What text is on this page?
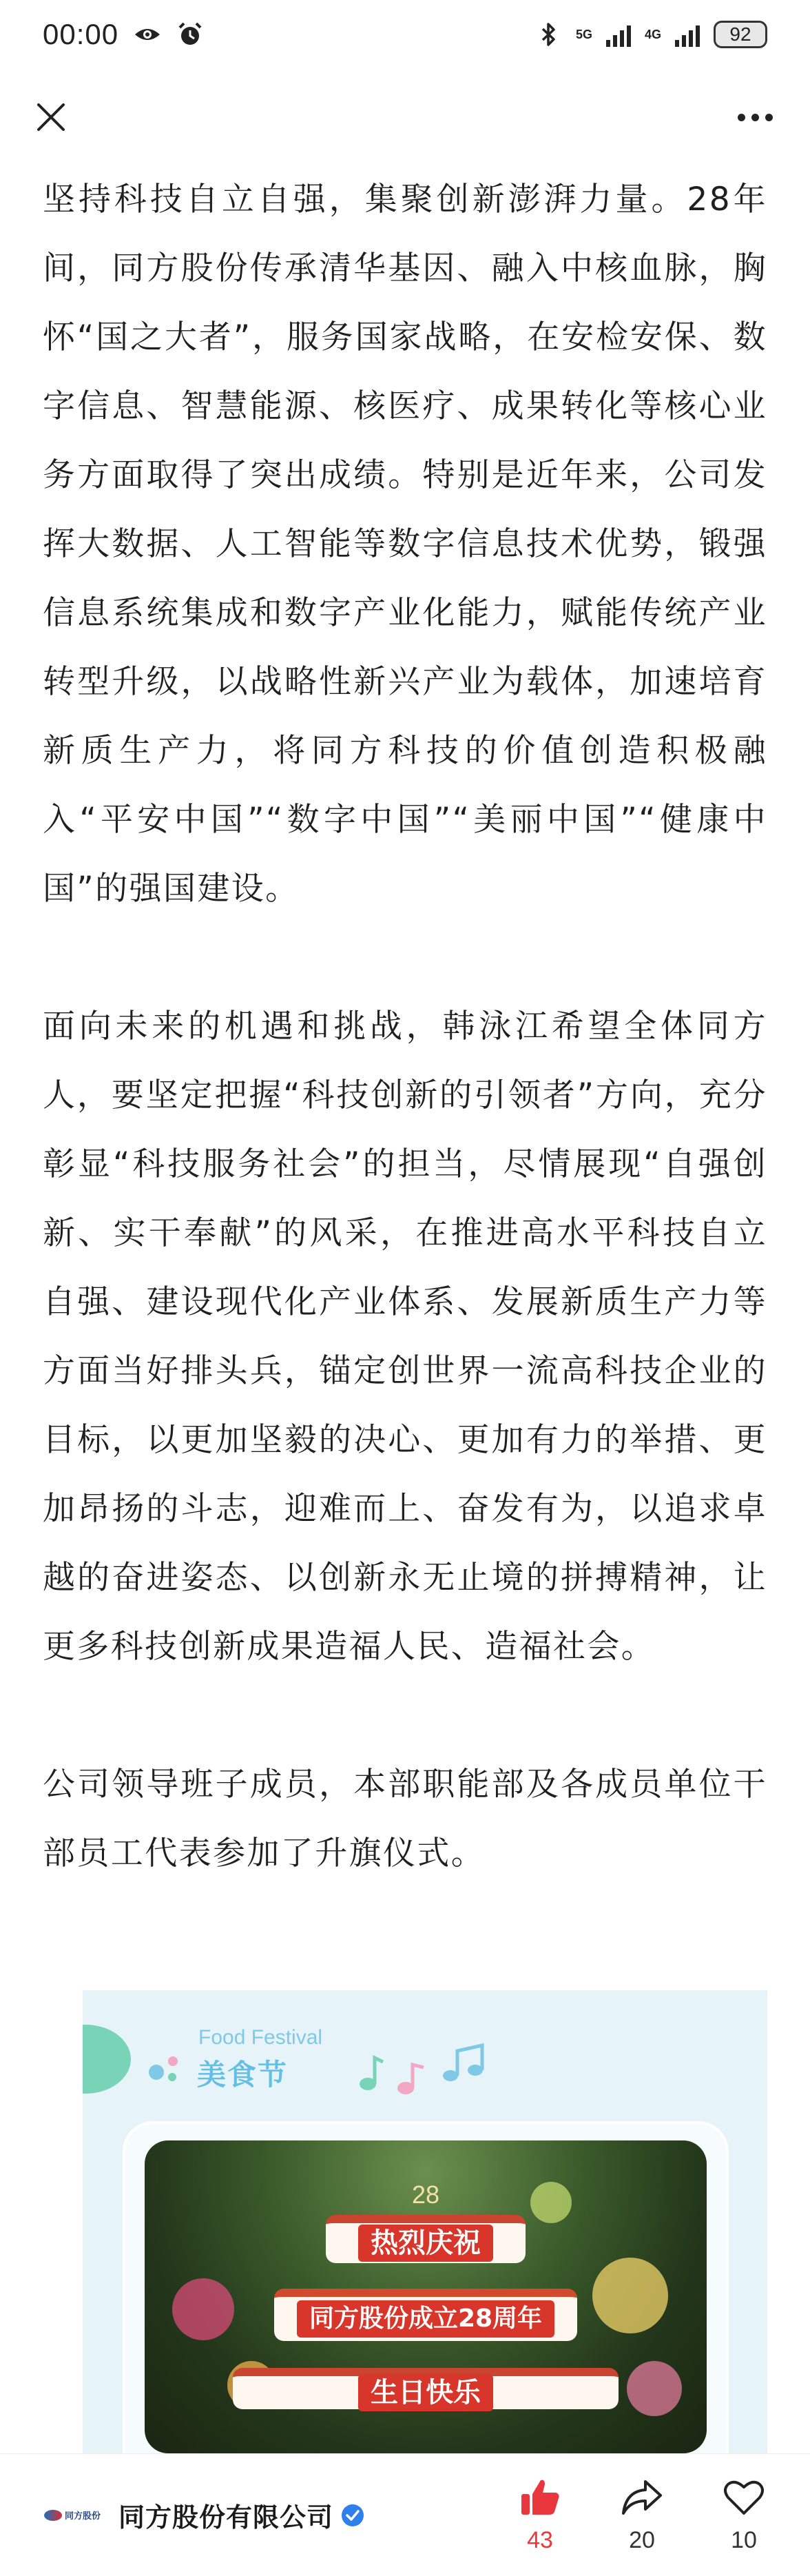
00:00	5G	4G	92

坚持科技自立自强，集聚创新澎湃力量。28年间，同方股份传承清华基因、融入中核血脉，胸怀“国之大者”，服务国家战略，在安检安保、数字信息、智慧能源、核医疗、成果转化等核心业务方面取得了突出成绩。特别是近年来，公司发挥大数据、人工智能等数字信息技术优势，锻强信息系统集成和数字产业化能力，赋能传统产业转型升级，以战略性新兴产业为载体，加速培育新质生产力，将同方科技的价值创造积极融入“平安中国”“数字中国”“美丽中国”“健康中国”的强国建设。

面向未来的机遇和挑战，韩泳江希望全体同方人，要坚定把握“科技创新的引领者”方向，充分彰显“科技服务社会”的担当，尽情展现“自强创新、实干奉献”的风采，在推进高水平科技自立自强、建设现代化产业体系、发展新质生产力等方面当好排头兵，锚定创世界一流高科技企业的目标，以更加坚毅的决心、更加有力的举措、更加昂扬的斗志，迎难而上、奋发有为，以追求卓越的奋进姿态、以创新永无止境的拼搏精神，让更多科技创新成果造福人民、造福社会。

公司领导班子成员，本部职能部及各成员单位干部员工代表参加了升旗仪式。

Food Festival
美食节
28
热烈庆祝
同方股份成立28周年
生日快乐
同方股份 同方股份有限公司
43	20	10
